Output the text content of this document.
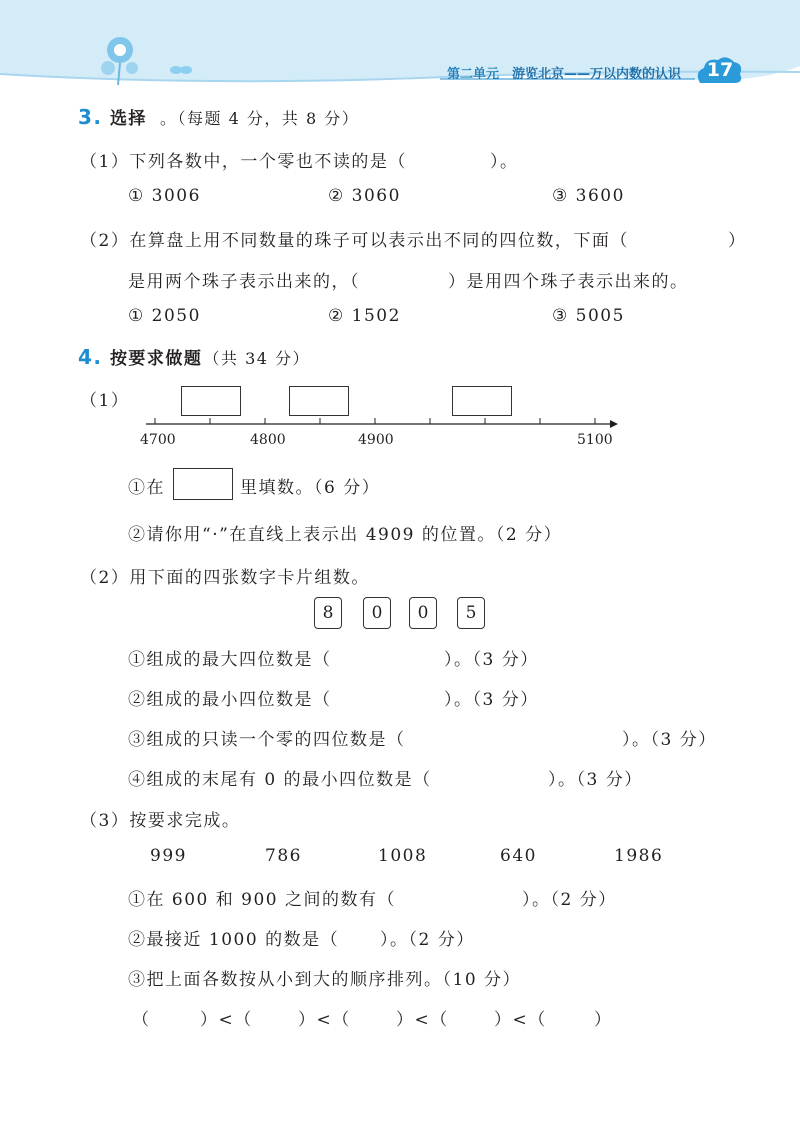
第二单元 游览北京——万以内数的认识	17
3. 选择 。（每题 4 分，共 8 分）
（1）下列各数中，一个零也不读的是（	）。
① 3006	② 3060	③ 3600
（2）在算盘上用不同数量的珠子可以表示出不同的四位数，下面（	）
是用两个珠子表示出来的，（	）是用四个珠子表示出来的。
① 2050	② 1502	③ 5005
4. 按要求做题
。（共 34 分）
（1）
4700	4800	4900	5100
①在	里填数。（6 分）
②请你用“·”在直线上表示出 4909 的位置。（2 分）
（2）用下面的四张数字卡片组数。
8	0	0	5
①组成的最大四位数是（	）。（3 分）
②组成的最小四位数是（	）。（3 分）
③组成的只读一个零的四位数是（	）。（3 分）
④组成的末尾有 0 的最小四位数是（	）。（3 分）
（3）按要求完成。
999	786	1008	640	1986
①在 600 和 900 之间的数有（	）。（2 分）
②最接近 1000 的数是（ ）。（2 分）
③把上面各数按从小到大的顺序排列。（10 分）
（	）<（	）<（	）<（	）<（	）
